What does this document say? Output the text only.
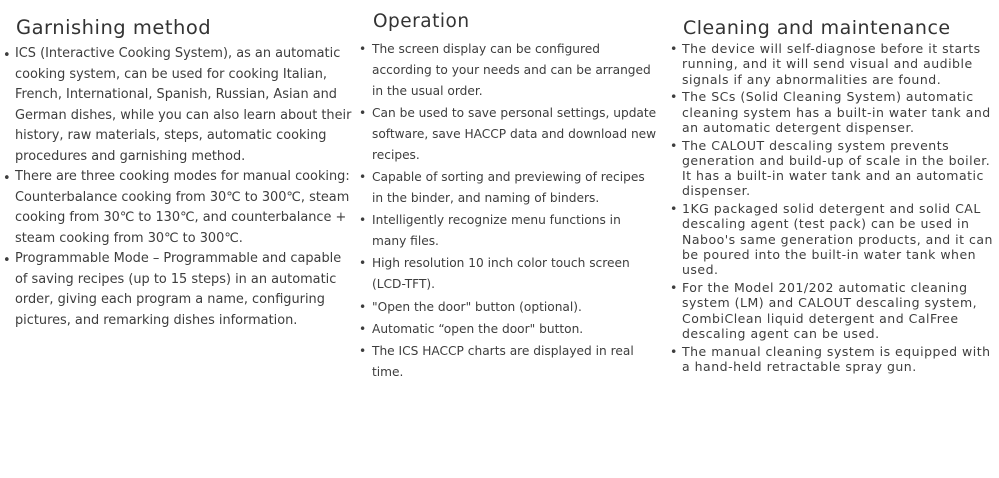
Garnishing method
• ICS (Interactive Cooking System), as an automatic cooking system, can be used for cooking Italian, French, International, Spanish, Russian, Asian and German dishes, while you can also learn about their history, raw materials, steps, automatic cooking procedures and garnishing method.
• There are three cooking modes for manual cooking: Counterbalance cooking from 30℃ to 300℃, steam cooking from 30℃ to 130℃, and counterbalance + steam cooking from 30℃ to 300℃.
• Programmable Mode – Programmable and capable of saving recipes (up to 15 steps) in an automatic order, giving each program a name, configuring pictures, and remarking dishes information.
Operation
• The screen display can be configured according to your needs and can be arranged in the usual order.
• Can be used to save personal settings, update software, save HACCP data and download new recipes.
• Capable of sorting and previewing of recipes in the binder, and naming of binders.
• Intelligently recognize menu functions in many files.
• High resolution 10 inch color touch screen (LCD-TFT).
• "Open the door" button (optional).
• Automatic “open the door" button.
• The ICS HACCP charts are displayed in real time.
Cleaning and maintenance
• The device will self-diagnose before it starts running, and it will send visual and audible signals if any abnormalities are found.
• The SCs (Solid Cleaning System) automatic cleaning system has a built-in water tank and an automatic detergent dispenser.
• The CALOUT descaling system prevents generation and build-up of scale in the boiler. It has a built-in water tank and an automatic dispenser.
• 1KG packaged solid detergent and solid CAL descaling agent (test pack) can be used in Naboo's same generation products, and it can be poured into the built-in water tank when used.
• For the Model 201/202 automatic cleaning system (LM) and CALOUT descaling system, CombiClean liquid detergent and CalFree descaling agent can be used.
• The manual cleaning system is equipped with a hand-held retractable spray gun.
